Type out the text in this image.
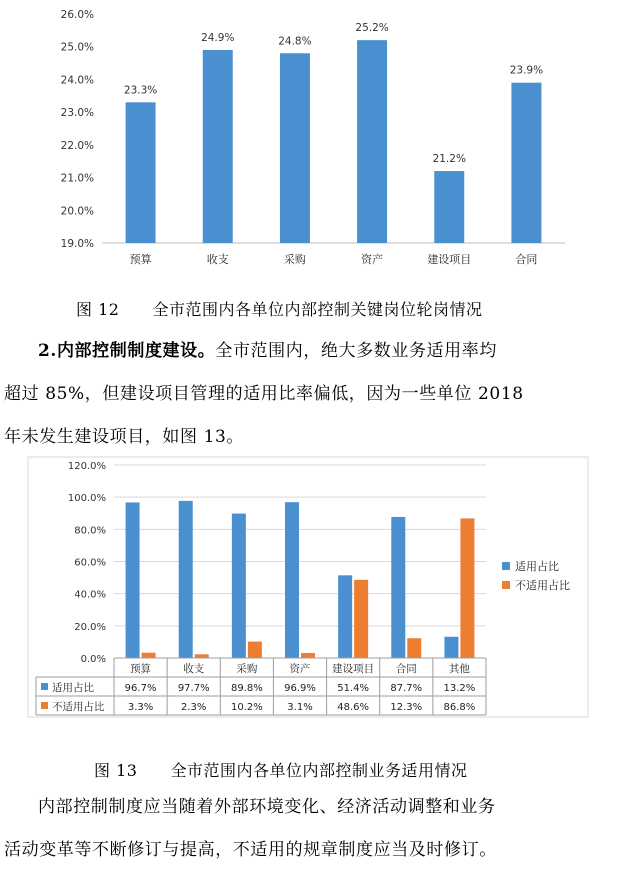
19.0%
20.0%
21.0%
22.0%
23.0%
24.0%
25.0%
26.0%
23.3%
预算
24.9%
收支
24.8%
采购
25.2%
资产
21.2%
建设项目
23.9%
合同
图 12　　全市范围内各单位内部控制关键岗位轮岗情况
2.内部控制制度建设。全市范围内，绝大多数业务适用率均
超过 85%，但建设项目管理的适用比率偏低，因为一些单位 2018
年未发生建设项目，如图 13。
0.0%
20.0%
40.0%
60.0%
80.0%
100.0%
120.0%
预算
96.7%
3.3%
收支
97.7%
2.3%
采购
89.8%
10.2%
资产
96.9%
3.1%
建设项目
51.4%
48.6%
合同
87.7%
12.3%
其他
13.2%
86.8%
适用占比
不适用占比
适用占比
不适用占比
图 13　　全市范围内各单位内部控制业务适用情况
内部控制制度应当随着外部环境变化、经济活动调整和业务
活动变革等不断修订与提高，不适用的规章制度应当及时修订。
